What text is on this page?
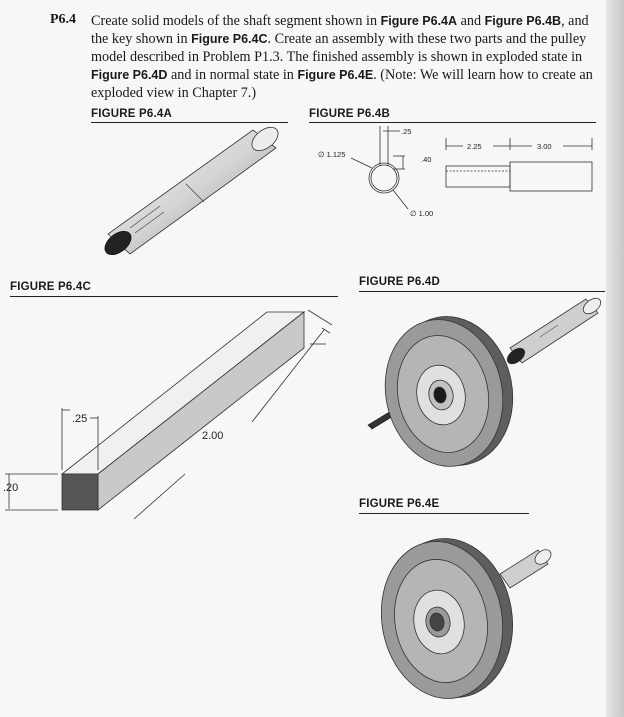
P6.4 Create solid models of the shaft segment shown in Figure P6.4A and Figure P6.4B, and the key shown in Figure P6.4C. Create an assembly with these two parts and the pulley model described in Problem P1.3. The finished assembly is shown in exploded state in Figure P6.4D and in normal state in Figure P6.4E. (Note: We will learn how to create an exploded view in Chapter 7.)
FIGURE P6.4A	FIGURE P6.4B
∅ 1.125
.25
.40
∅ 1.00
2.25	3.00
FIGURE P6.4C
.25
2.00
.20
FIGURE P6.4D
FIGURE P6.4E
